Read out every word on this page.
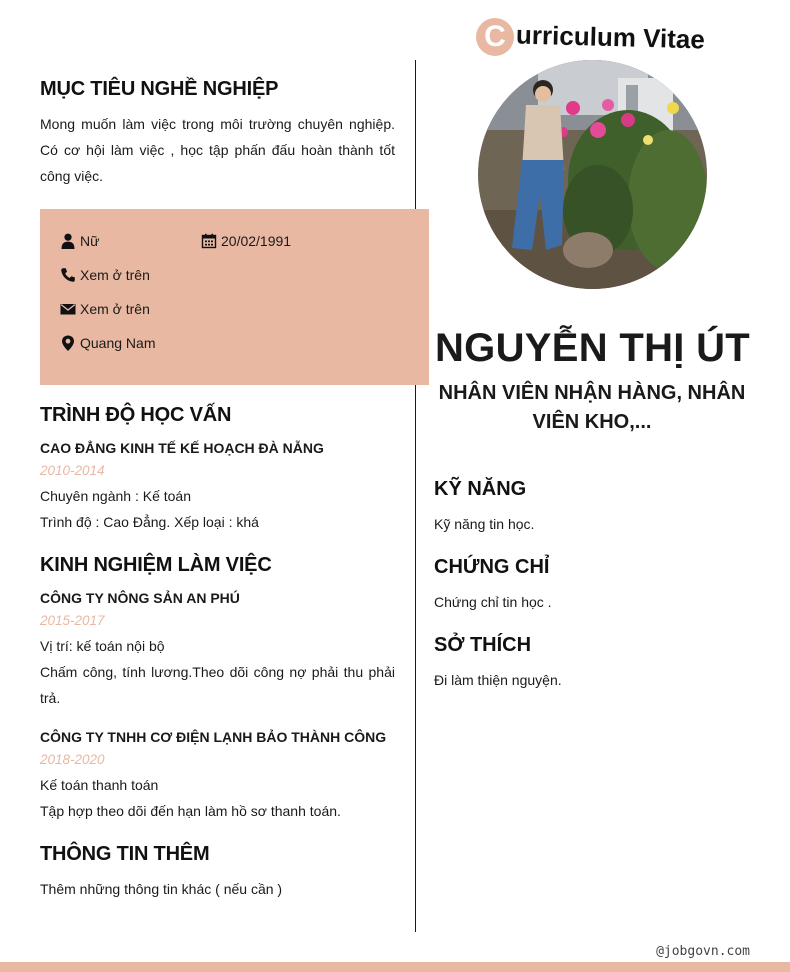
@jobgovn.com
MỤC TIÊU NGHỀ NGHIỆP
Mong muốn làm việc trong môi trường chuyên nghiệp. Có cơ hội làm việc , học tập phấn đấu hoàn thành tốt công việc.
Nữ	20/02/1991
Xem ở trên
Xem ở trên
Quang Nam
TRÌNH ĐỘ HỌC VẤN
CAO ĐẲNG KINH TẾ KẾ HOẠCH ĐÀ NẴNG
2010-2014
Chuyên ngành : Kế toán
Trình độ : Cao Đẳng. Xếp loại : khá
KINH NGHIỆM LÀM VIỆC
CÔNG TY NÔNG SẢN AN PHÚ
2015-2017
Vị trí: kế toán nội bộ
Chấm công, tính lương.Theo dõi công nợ phải thu phải trả.
CÔNG TY TNHH CƠ ĐIỆN LẠNH BẢO THÀNH CÔNG
2018-2020
Kế toán thanh toán
Tập hợp theo dõi đến hạn làm hồ sơ thanh toán.
THÔNG TIN THÊM
Thêm những thông tin khác ( nếu cần )
C urriculum Vitae
NGUYỄN THỊ ÚT
NHÂN VIÊN NHẬN HÀNG, NHÂN VIÊN KHO,...
KỸ NĂNG
Kỹ năng tin học.
CHỨNG CHỈ
Chứng chỉ tin học .
SỞ THÍCH
Đi làm thiện nguyện.
